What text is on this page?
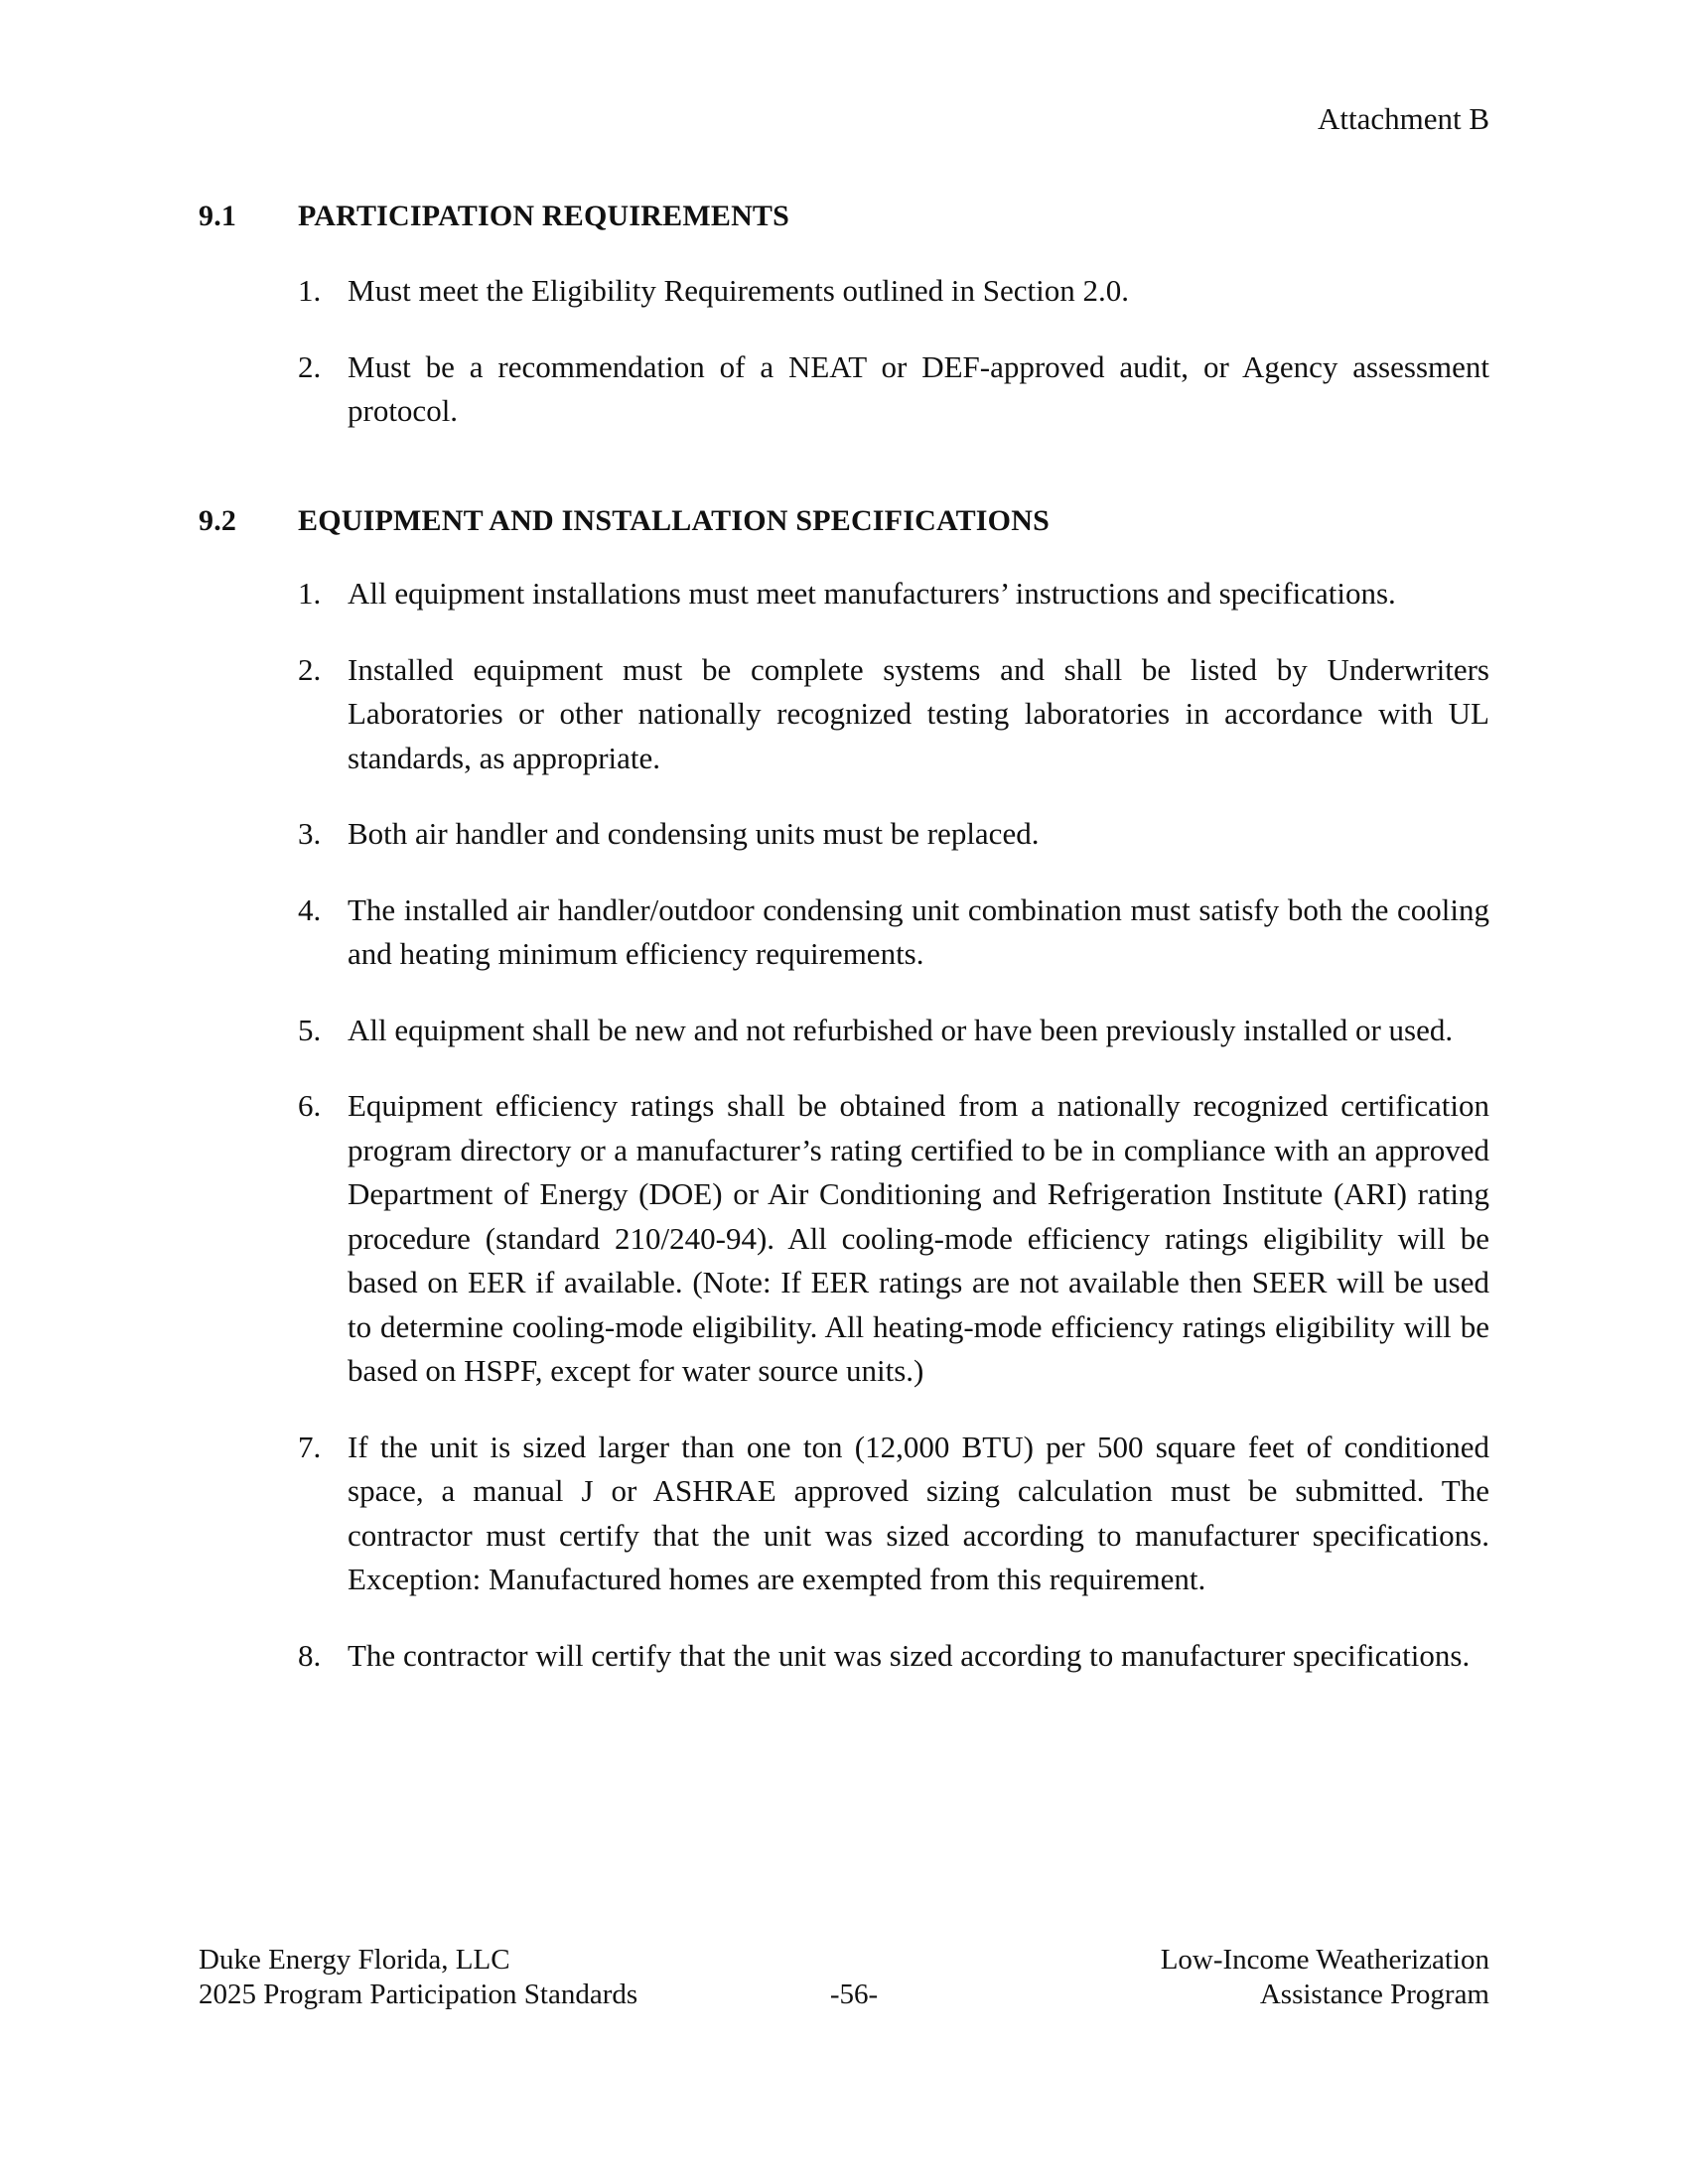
Attachment B
9.1	PARTICIPATION REQUIREMENTS
1. Must meet the Eligibility Requirements outlined in Section 2.0.
2. Must be a recommendation of a NEAT or DEF-approved audit, or Agency assessment protocol.
9.2	EQUIPMENT AND INSTALLATION SPECIFICATIONS
1. All equipment installations must meet manufacturers’ instructions and specifications.
2. Installed equipment must be complete systems and shall be listed by Underwriters Laboratories or other nationally recognized testing laboratories in accordance with UL standards, as appropriate.
3. Both air handler and condensing units must be replaced.
4. The installed air handler/outdoor condensing unit combination must satisfy both the cooling and heating minimum efficiency requirements.
5. All equipment shall be new and not refurbished or have been previously installed or used.
6. Equipment efficiency ratings shall be obtained from a nationally recognized certification program directory or a manufacturer’s rating certified to be in compliance with an approved Department of Energy (DOE) or Air Conditioning and Refrigeration Institute (ARI) rating procedure (standard 210/240-94). All cooling-mode efficiency ratings eligibility will be based on EER if available. (Note: If EER ratings are not available then SEER will be used to determine cooling-mode eligibility. All heating-mode efficiency ratings eligibility will be based on HSPF, except for water source units.)
7. If the unit is sized larger than one ton (12,000 BTU) per 500 square feet of conditioned space, a manual J or ASHRAE approved sizing calculation must be submitted. The contractor must certify that the unit was sized according to manufacturer specifications. Exception: Manufactured homes are exempted from this requirement.
8. The contractor will certify that the unit was sized according to manufacturer specifications.
Duke Energy Florida, LLC
2025 Program Participation Standards	-56-
Low-Income Weatherization
Assistance Program
